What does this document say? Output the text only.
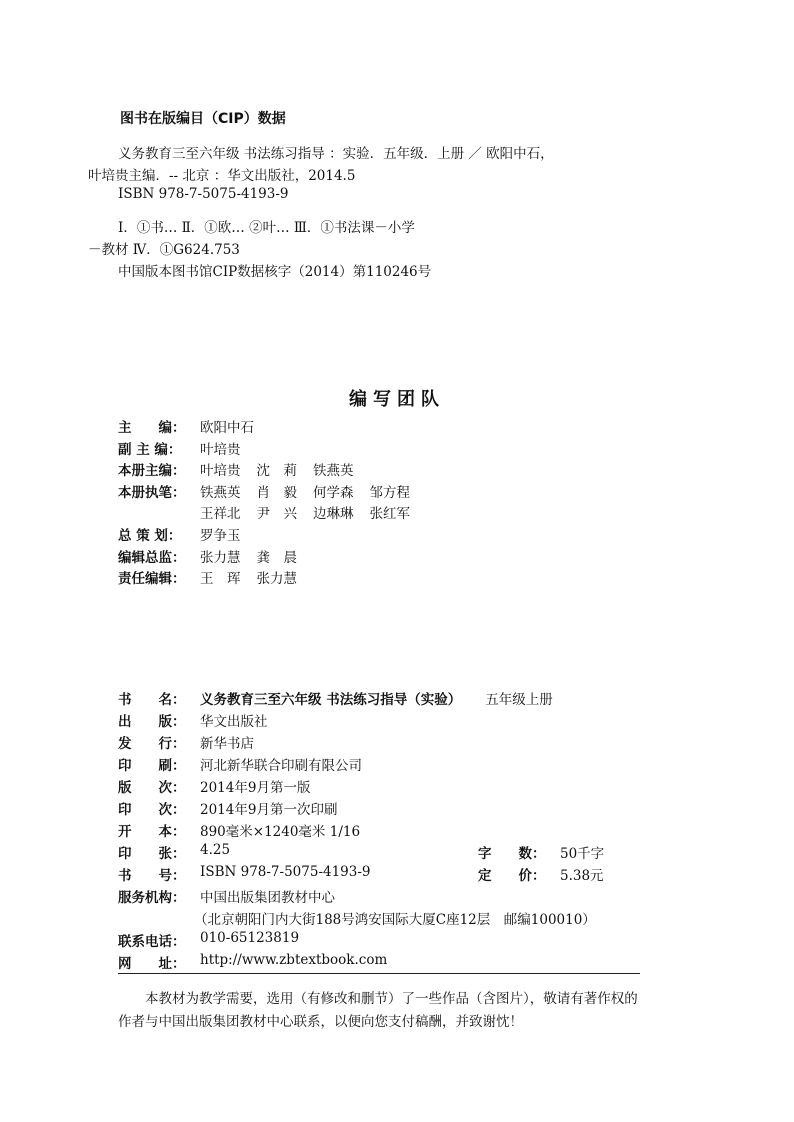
图书在版编目（CIP）数据
义务教育三至六年级 书法练习指导 ：实验．五年级．上册 ／ 欧阳中石，
叶培贵主编．-- 北京 ：华文出版社，2014.5
ISBN 978-7-5075-4193-9
Ⅰ．①书… Ⅱ．①欧… ②叶… Ⅲ．①书法课－小学
－教材 Ⅳ．①G624.753
中国版本图书馆CIP数据核字（2014）第110246号
编写团队
主　　编：	欧阳中石
副 主 编：	叶培贵
本册主编：	叶培贵 沈　莉 铁燕英
本册执笔：	铁燕英 肖　毅 何学森 邹方程
王祥北 尹　兴 边琳琳 张红军
总 策 划：	罗争玉
编辑总监：	张力慧 龚　晨
责任编辑：	王　珲 张力慧
书　　名：	义务教育三至六年级 书法练习指导（实验） 五年级上册
出　　版：	华文出版社
发　　行：	新华书店
印　　刷：	河北新华联合印刷有限公司
版　　次：	2014年9月第一版
印　　次：	2014年9月第一次印刷
开　　本：	890毫米×1240毫米 1/16
印　　张：	4.25	字　　数：	50千字
书　　号：	ISBN 978-7-5075-4193-9	定　　价：	5.38元
服务机构：	中国出版集团教材中心
（北京朝阳门内大街188号鸿安国际大厦C座12层　邮编100010）
联系电话：	010-65123819
网　　址：	http://www.zbtextbook.com
本教材为教学需要，选用（有修改和删节）了一些作品（含图片），敬请有著作权的作者与中国出版集团教材中心联系，以便向您支付稿酬，并致谢忱！
